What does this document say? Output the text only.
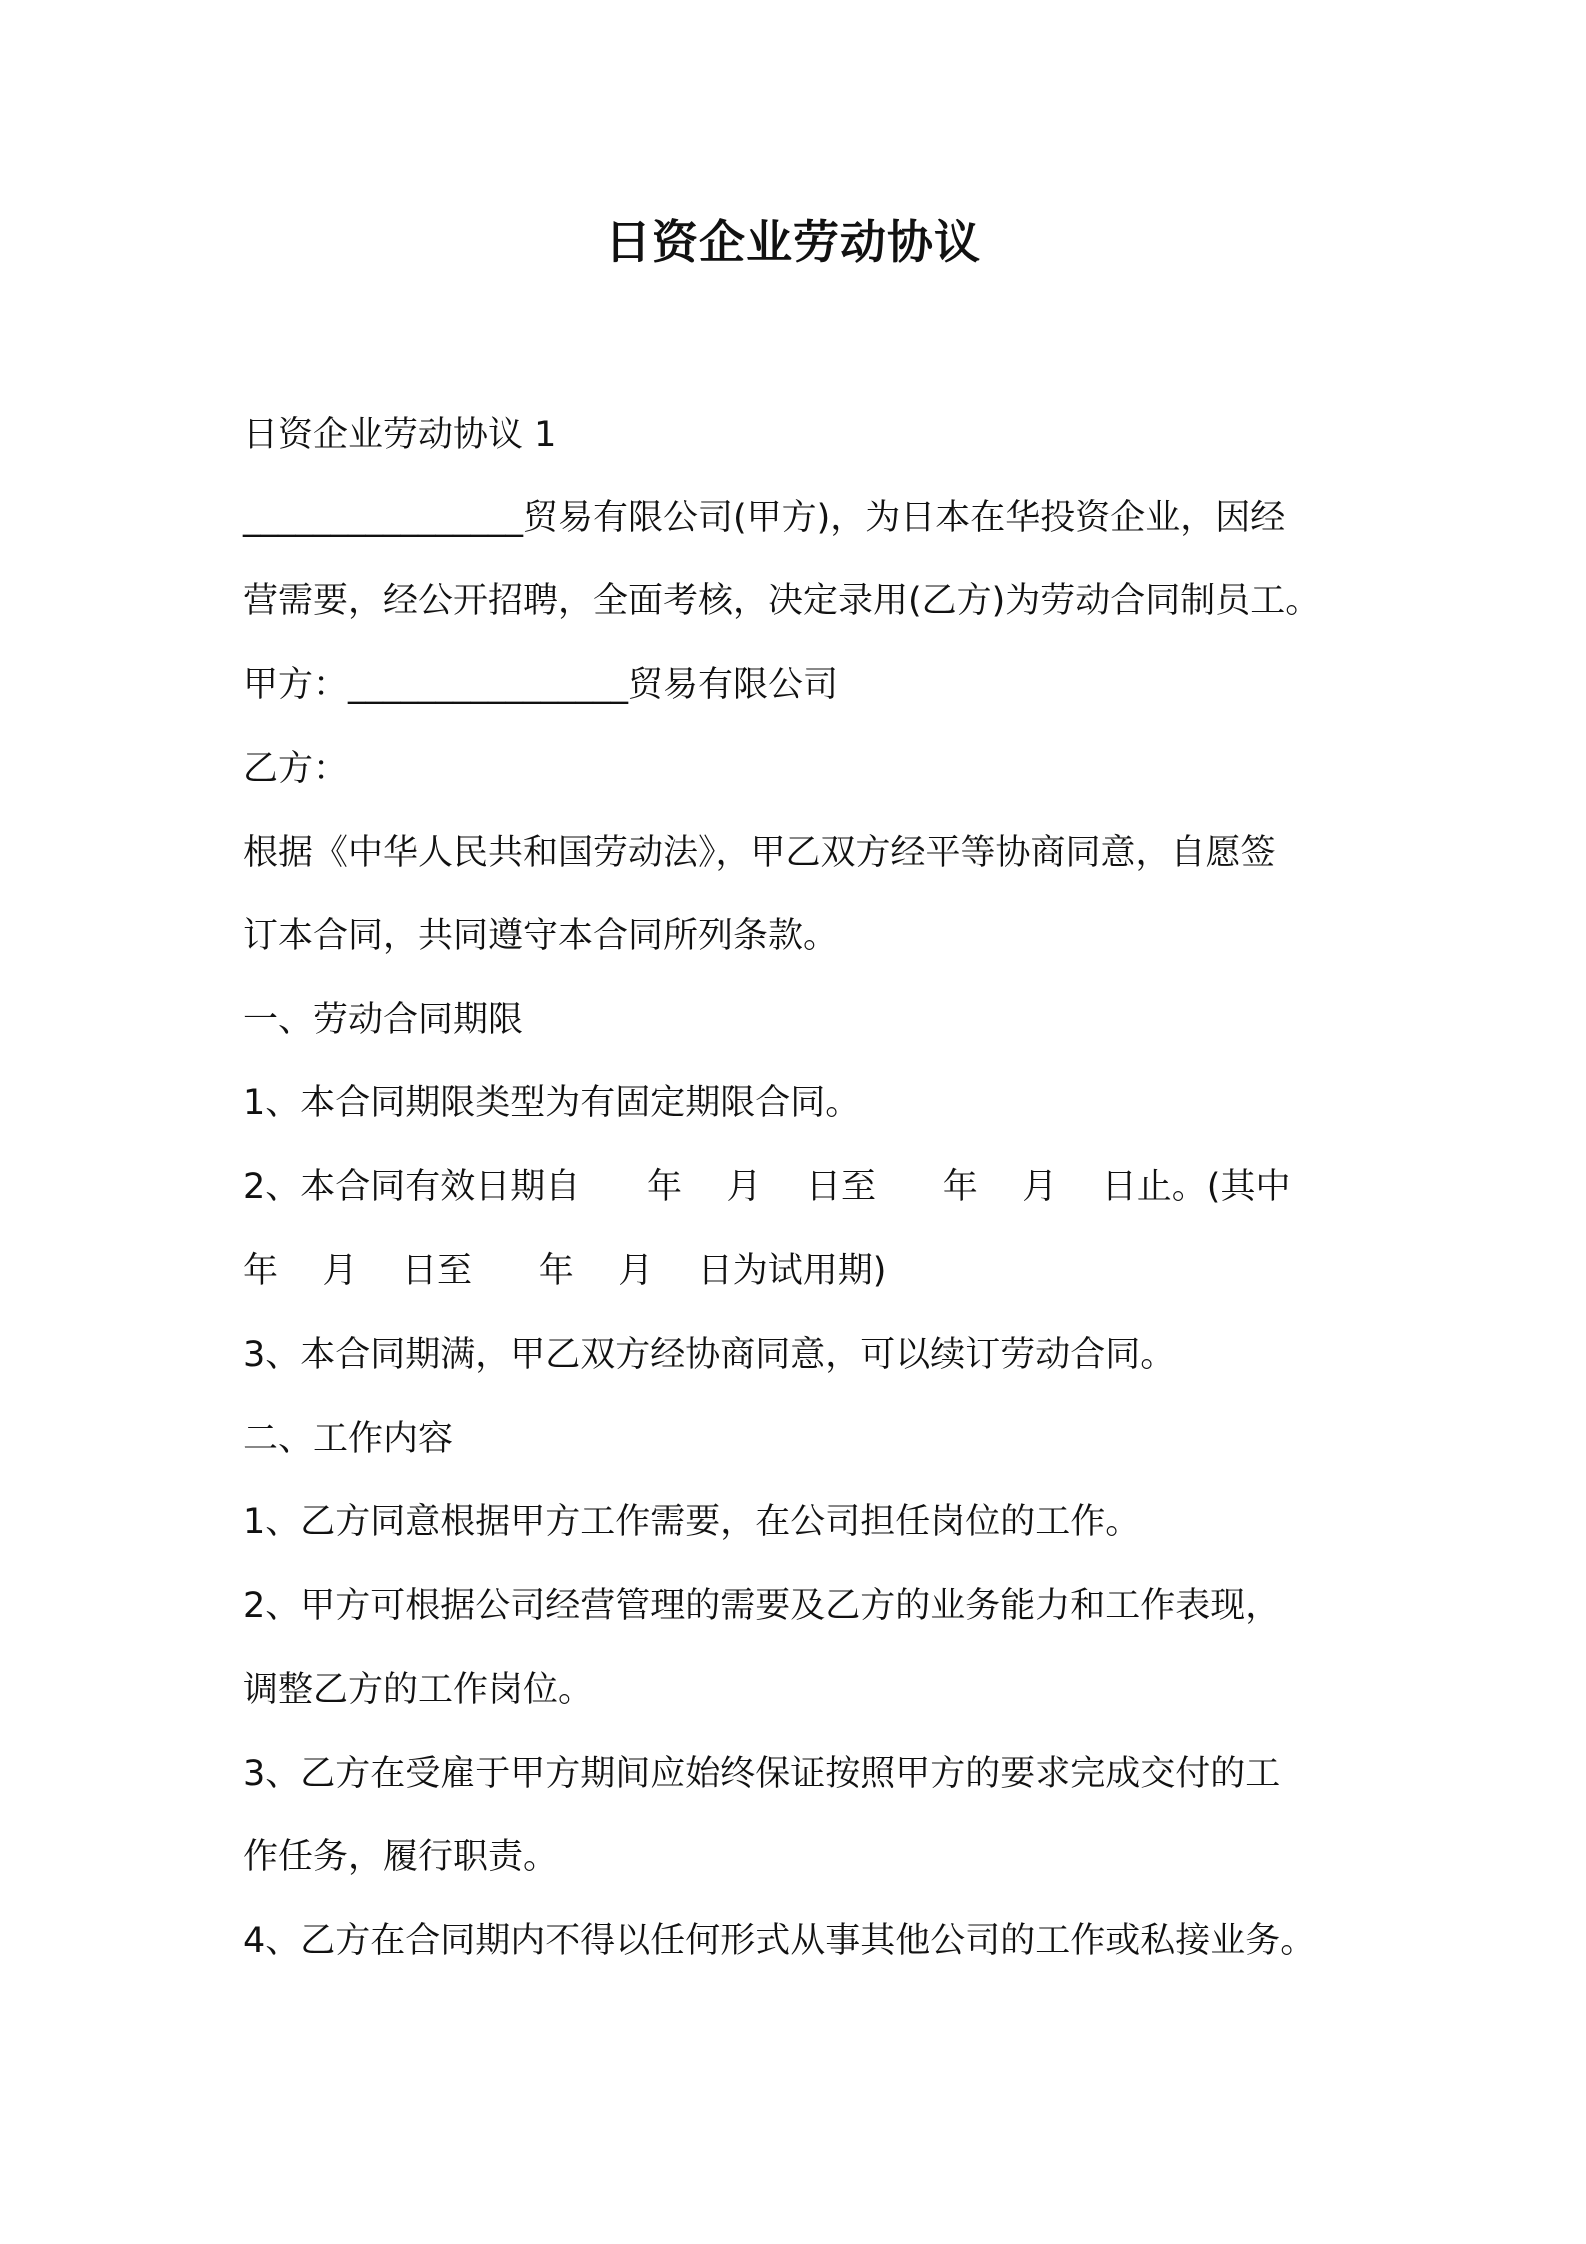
日资企业劳动协议
日资企业劳动协议 1
________________贸易有限公司(甲方)，为日本在华投资企业，因经
营需要，经公开招聘，全面考核，决定录用(乙方)为劳动合同制员工。
甲方：________________贸易有限公司
乙方：
根据《中华人民共和国劳动法》，甲乙双方经平等协商同意，自愿签
订本合同，共同遵守本合同所列条款。
一、劳动合同期限
1、本合同期限类型为有固定期限合同。
2、本合同有效日期自      年    月    日至      年    月    日止。(其中
年    月    日至      年    月    日为试用期)
3、本合同期满，甲乙双方经协商同意，可以续订劳动合同。
二、工作内容
1、乙方同意根据甲方工作需要，在公司担任岗位的工作。
2、甲方可根据公司经营管理的需要及乙方的业务能力和工作表现，
调整乙方的工作岗位。
3、乙方在受雇于甲方期间应始终保证按照甲方的要求完成交付的工
作任务，履行职责。
4、乙方在合同期内不得以任何形式从事其他公司的工作或私接业务。
